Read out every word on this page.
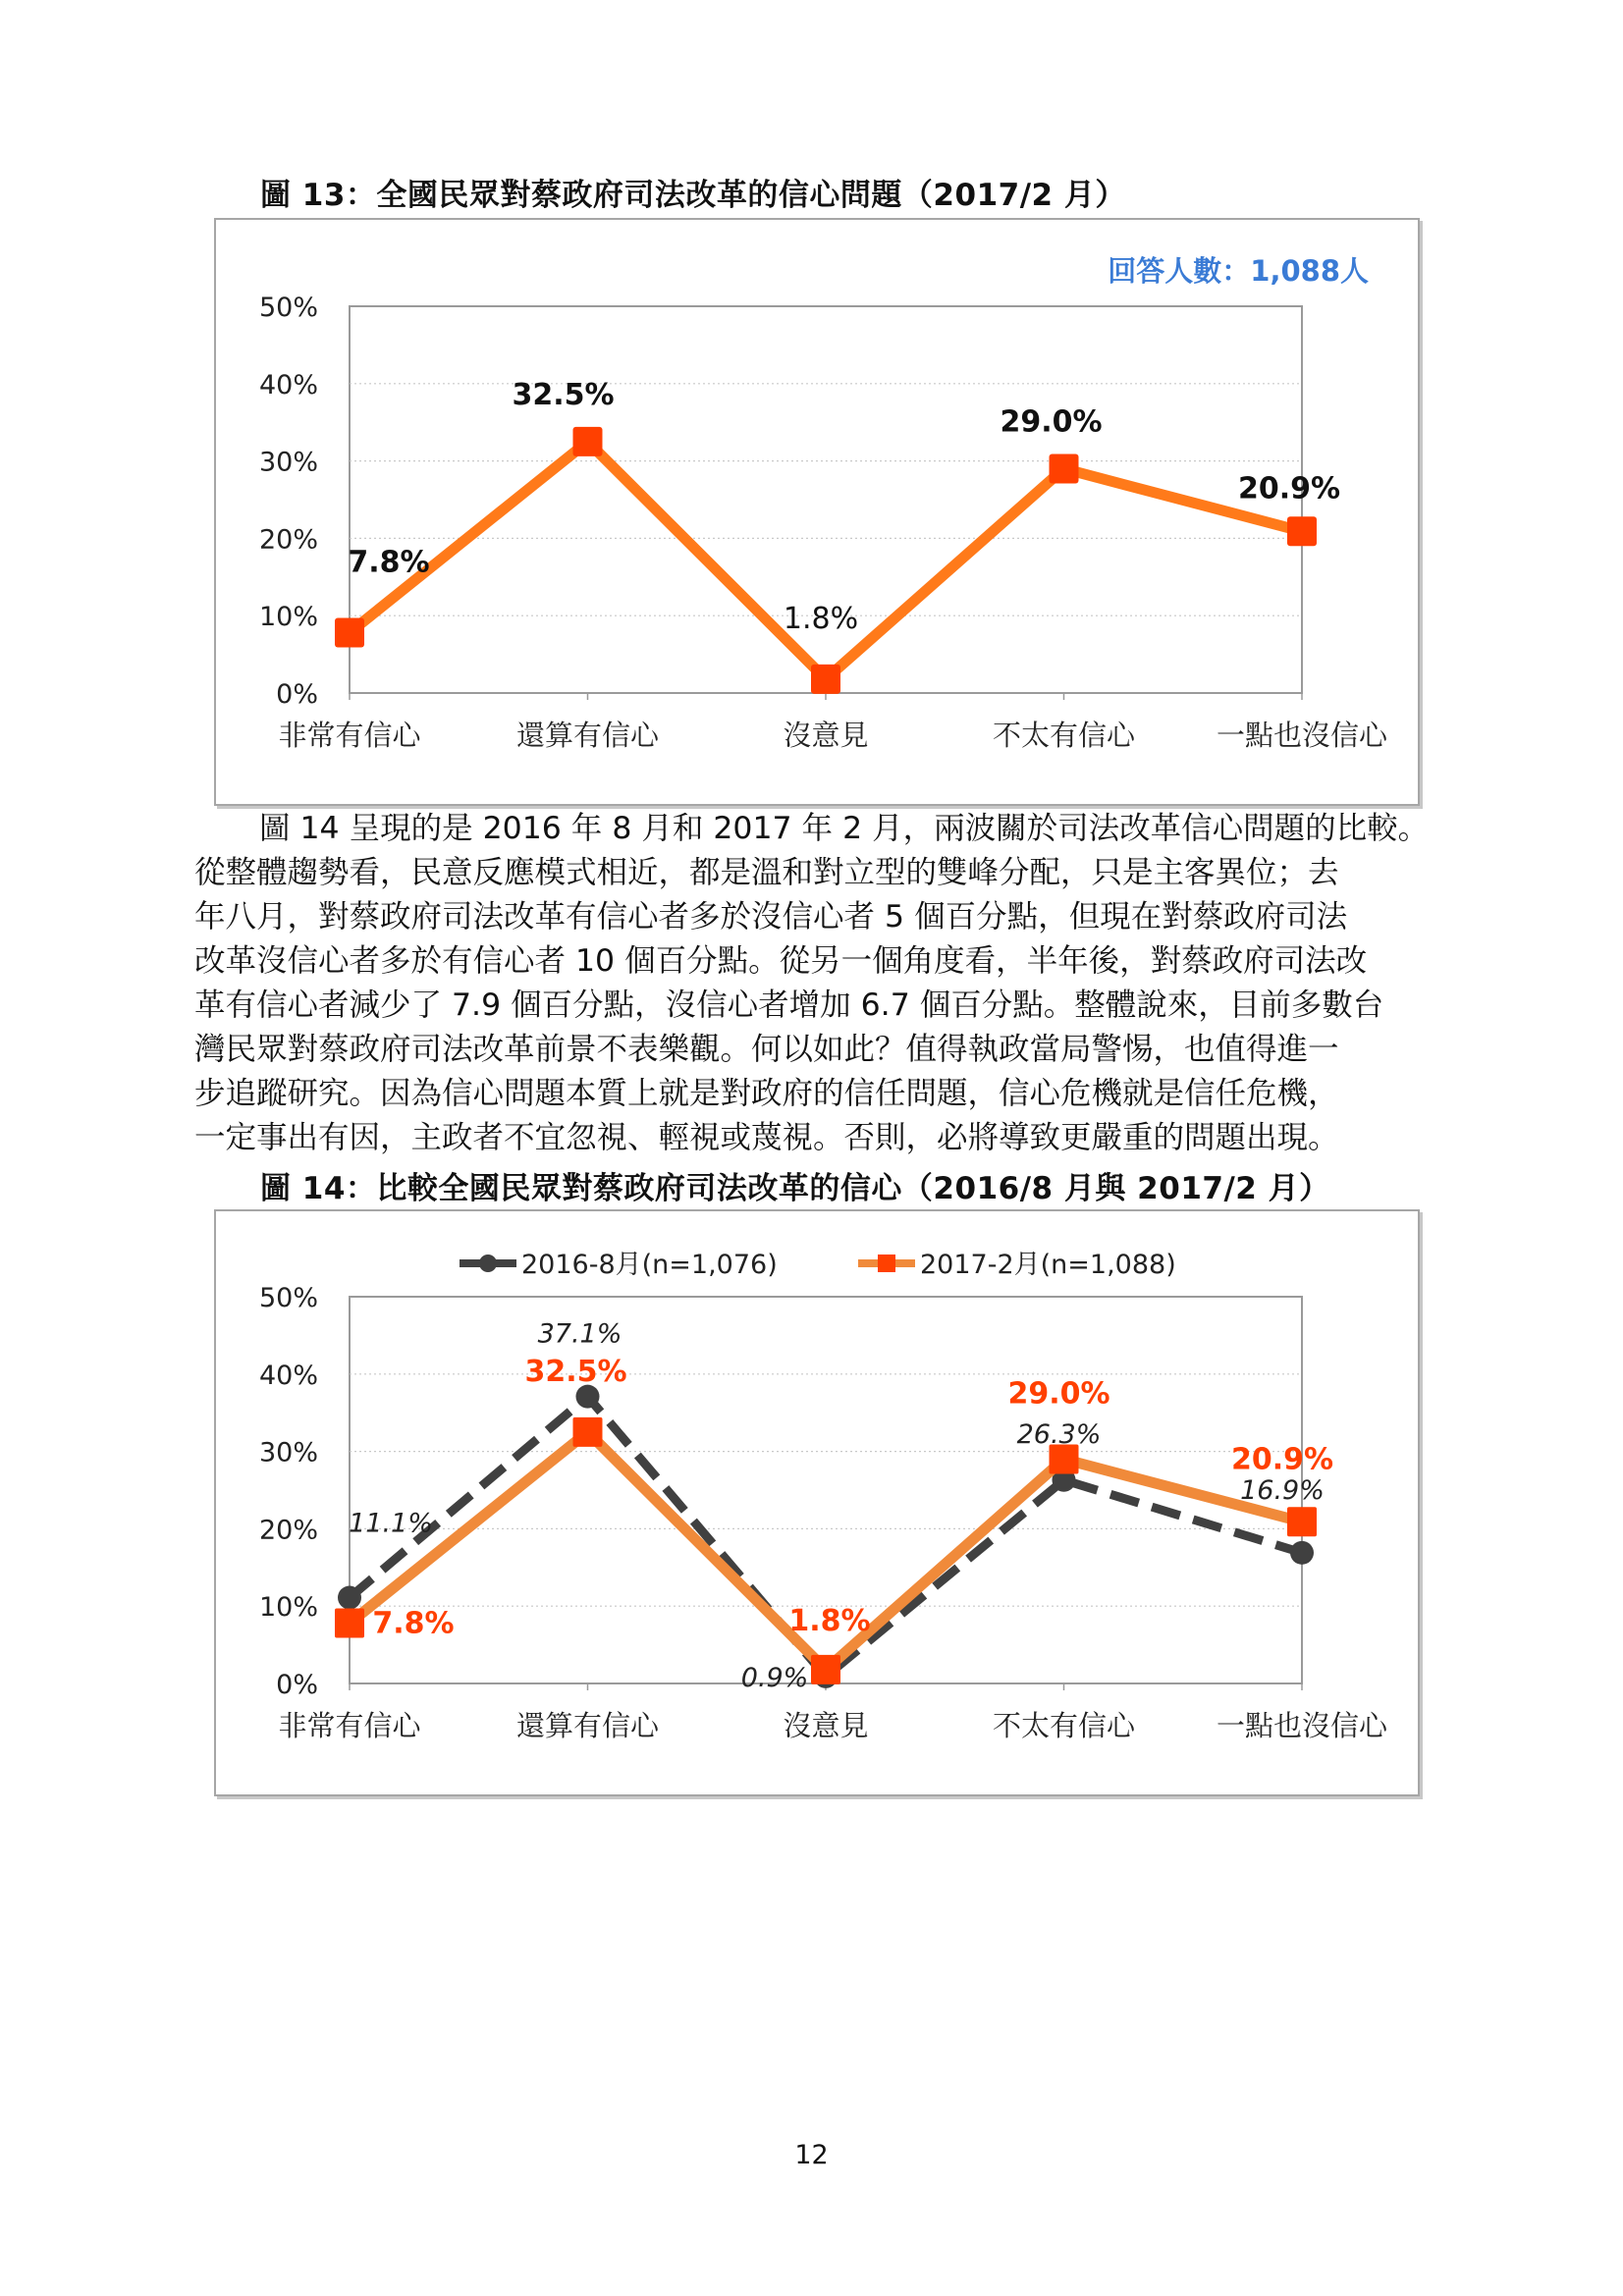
圖 13：全國民眾對蔡政府司法改革的信心問題（2017/2 月）
0%
10%
20%
30%
40%
50%
非常有信心	還算有信心	沒意見	不太有信心	一點也沒信心
回答人數：1,088人
7.8%
32.5%
1.8%
29.0%
20.9%
圖 14 呈現的是 2016 年 8 月和 2017 年 2 月，兩波關於司法改革信心問題的比較。
從整體趨勢看，民意反應模式相近，都是溫和對立型的雙峰分配，只是主客異位；去
年八月，對蔡政府司法改革有信心者多於沒信心者 5 個百分點，但現在對蔡政府司法
改革沒信心者多於有信心者 10 個百分點。從另一個角度看，半年後，對蔡政府司法改
革有信心者減少了 7.9 個百分點，沒信心者增加 6.7 個百分點。整體說來，目前多數台
灣民眾對蔡政府司法改革前景不表樂觀。何以如此？值得執政當局警惕，也值得進一
步追蹤研究。因為信心問題本質上就是對政府的信任問題，信心危機就是信任危機，
一定事出有因，主政者不宜忽視、輕視或蔑視。否則，必將導致更嚴重的問題出現。
圖 14：比較全國民眾對蔡政府司法改革的信心（2016/8 月與 2017/2 月）
0%
10%
20%
30%
40%
50%
非常有信心	還算有信心	沒意見	不太有信心	一點也沒信心
2016-8月(n=1,076)	2017-2月(n=1,088)
11.1%
37.1%
0.9%
26.3%
16.9%
7.8%
32.5%
1.8%
29.0%
20.9%
12
